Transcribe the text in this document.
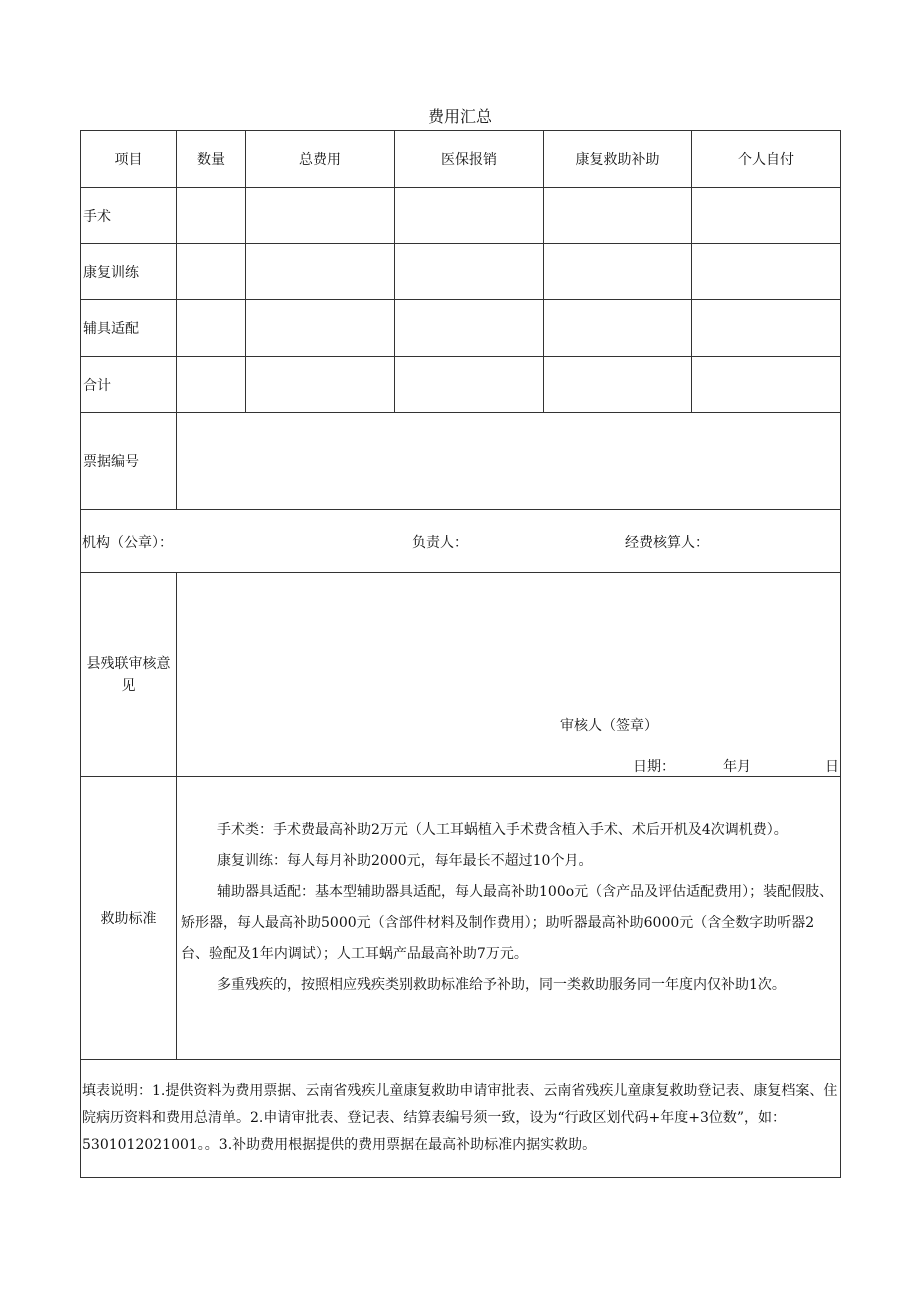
费用汇总
项目	数量	总费用	医保报销	康复救助补助	个人自付
手术					
康复训练					
辅具适配					
合计					
票据编号					

机构（公章）： 负责人： 经费核算人：					

县残联审核意见	审核人（签章）
日期： 年月 日				

救助标准	手术类：手术费最高补助2万元（人工耳蜗植入手术费含植入手术、术后开机及4次调机费）。

康复训练：每人每月补助2000元，每年最长不超过10个月。

辅助器具适配：基本型辅助器具适配，每人最高补助100o元（含产品及评估适配费用）；装配假肢、矫形器，每人最高补助5000元（含部件材料及制作费用）；助听器最高补助6000元（含全数字助听器2台、验配及1年内调试）；人工耳蜗产品最高补助7万元。

多重残疾的，按照相应残疾类别救助标准给予补助，同一类救助服务同一年度内仅补助1次。				

填表说明：1.提供资料为费用票据、云南省残疾儿童康复救助申请审批表、云南省残疾儿童康复救助登记表、康复档案、住院病历资料和费用总清单。2.申请审批表、登记表、结算表编号须一致，设为“行政区划代码+年度+3位数”，如：5301012021001。。3.补助费用根据提供的费用票据在最高补助标准内据实救助。					
